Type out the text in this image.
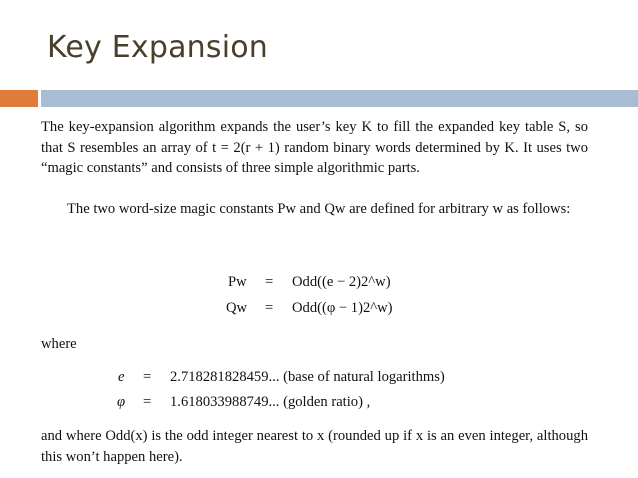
Key Expansion

The key-expansion algorithm expands the user’s key K to fill the expanded key table S, so that S resembles an array of t = 2(r + 1) random binary words determined by K. It uses two “magic constants” and consists of three simple algorithmic parts.

The two word-size magic constants Pw and Qw are defined for arbitrary w as follows:

Pw = Odd((e − 2)2^w)
Qw = Odd((φ − 1)2^w)
where
e = 2.718281828459... (base of natural logarithms)
φ = 1.618033988749... (golden ratio) ,

and where Odd(x) is the odd integer nearest to x (rounded up if x is an even integer, although this won’t happen here).
